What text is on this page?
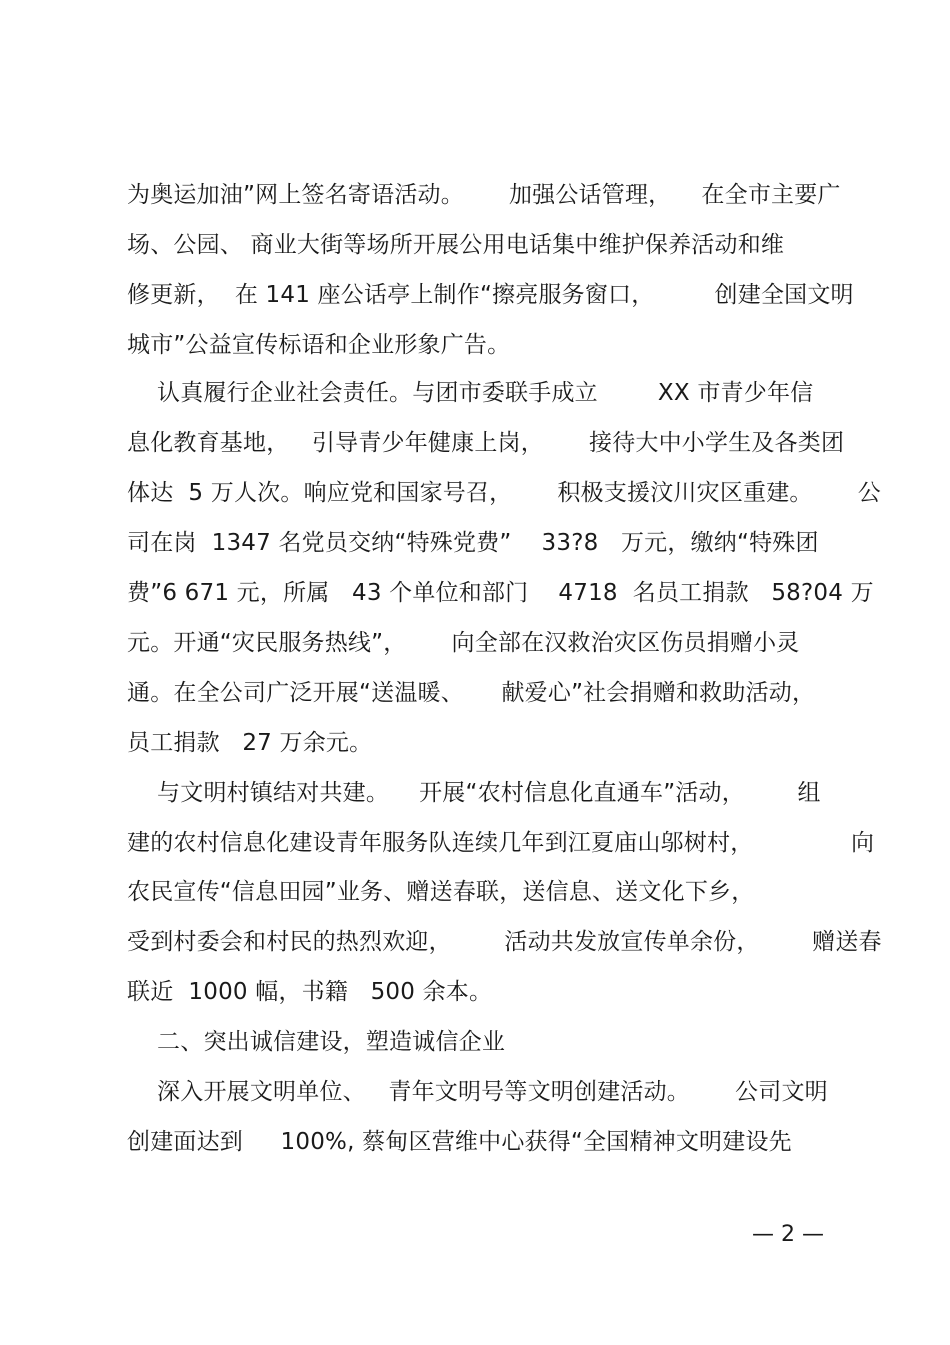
为奥运加油”网上签名寄语活动。      加强公话管理，    在全市主要广
场、公园、 商业大街等场所开展公用电话集中维护保养活动和维
修更新，  在 141 座公话亭上制作“擦亮服务窗口，        创建全国文明
城市”公益宣传标语和企业形象广告。
认真履行企业社会责任。与团市委联手成立        XX 市青少年信
息化教育基地，   引导青少年健康上岗，      接待大中小学生及各类团
体达  5 万人次。响应党和国家号召，      积极支援汶川灾区重建。      公
司在岗  1347 名党员交纳“特殊党费”    33?8   万元，缴纳“特殊团
费”6 671 元，所属   43 个单位和部门    4718  名员工捐款   58?04 万
元。开通“灾民服务热线”，      向全部在汉救治灾区伤员捐赠小灵
通。在全公司广泛开展“送温暖、     献爱心”社会捐赠和救助活动，
员工捐款   27 万余元。
与文明村镇结对共建。    开展“农村信息化直通车”活动，       组
建的农村信息化建设青年服务队连续几年到江夏庙山邬树村，             向
农民宣传“信息田园”业务、赠送春联，送信息、送文化下乡，
受到村委会和村民的热烈欢迎，       活动共发放宣传单余份，       赠送春
联近  1000 幅，书籍   500 余本。
二、突出诚信建设，塑造诚信企业
深入开展文明单位、   青年文明号等文明创建活动。      公司文明
创建面达到     100%, 蔡甸区营维中心获得“全国精神文明建设先
— 2 —
